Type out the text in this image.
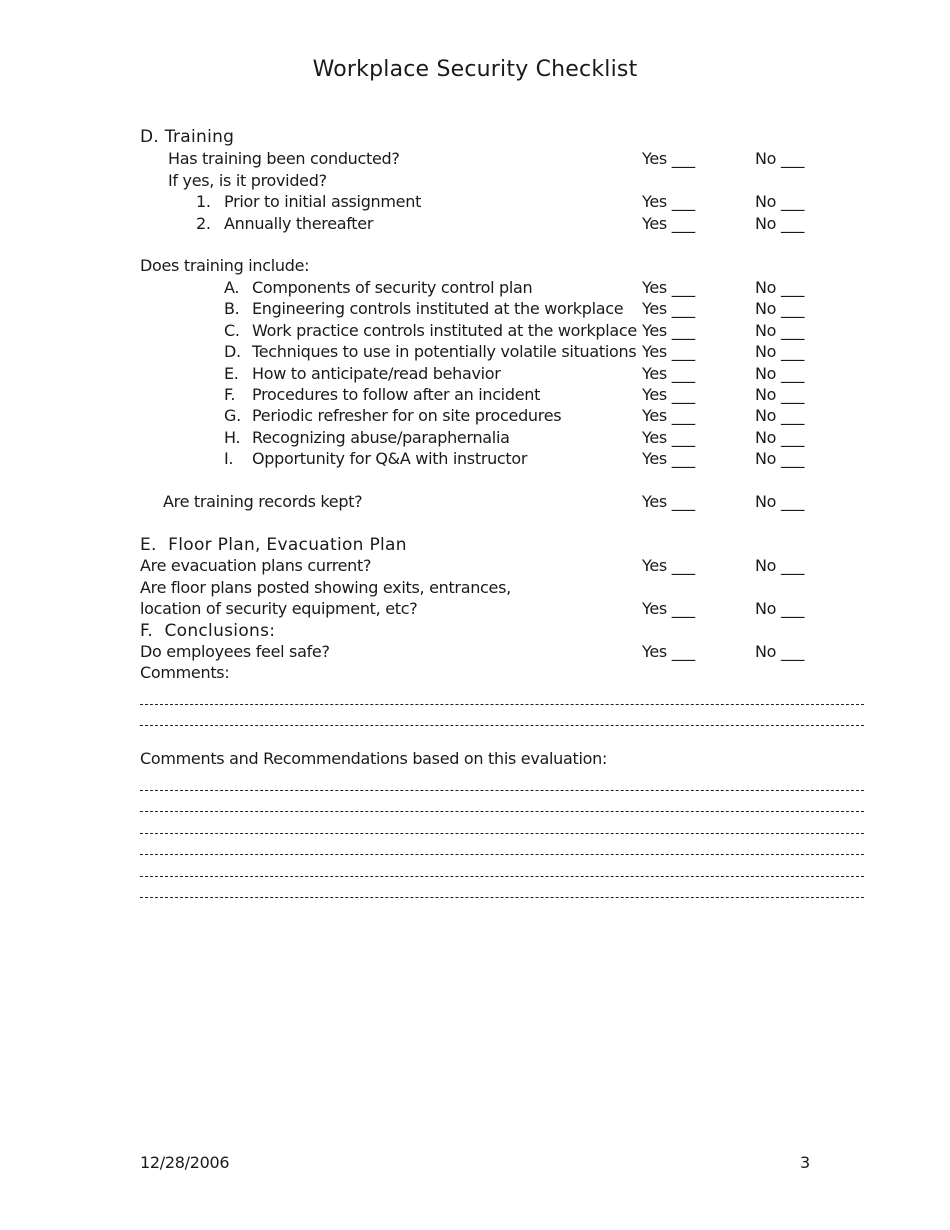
Workplace Security Checklist
D. Training
Has training been conducted?	Yes ___	No ___
If yes, is it provided?
1. Prior to initial assignment	Yes ___	No ___
2. Annually thereafter	Yes ___	No ___
Does training include:
A. Components of security control plan	Yes ___	No ___
B. Engineering controls instituted at the workplace Yes ___	No ___
C. Work practice controls instituted at the workplace Yes ___	No ___
D. Techniques to use in potentially volatile situations Yes ___	No ___
E. How to anticipate/read behavior	Yes ___	No ___
F. Procedures to follow after an incident	Yes ___	No ___
G. Periodic refresher for on site procedures	Yes ___	No ___
H. Recognizing abuse/paraphernalia	Yes ___	No ___
I. Opportunity for Q&A with instructor	Yes ___	No ___
Are training records kept?	Yes ___	No ___
E.  Floor Plan, Evacuation Plan
Are evacuation plans current?	Yes ___	No ___
Are floor plans posted showing exits, entrances,
location of security equipment, etc?	Yes ___	No ___
F.  Conclusions:
Do employees feel safe?	Yes ___	No ___
Comments:
Comments and Recommendations based on this evaluation:
12/28/2006	3
